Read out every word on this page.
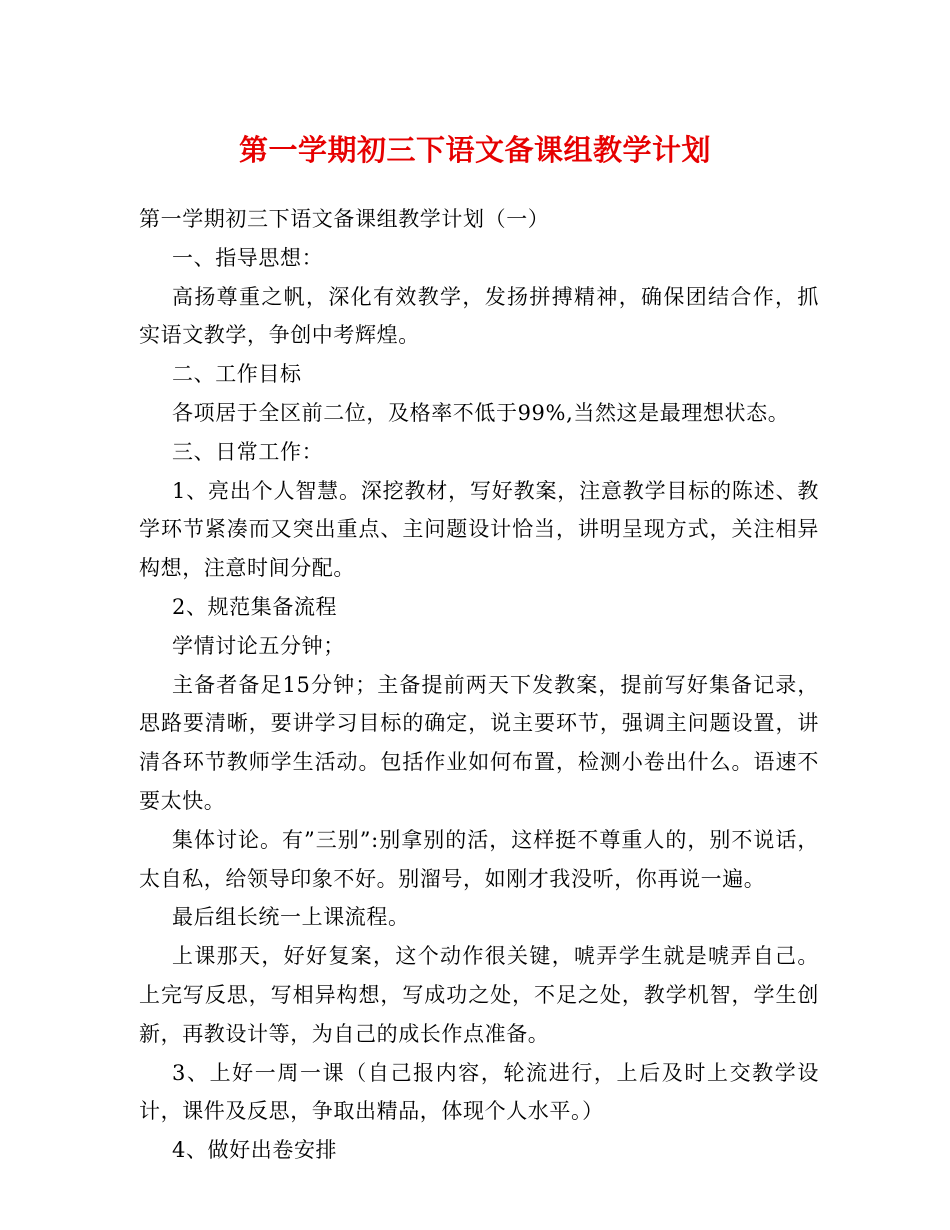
第一学期初三下语文备课组教学计划

第一学期初三下语文备课组教学计划（一）

一、指导思想：

高扬尊重之帆，深化有效教学，发扬拼搏精神，确保团结合作，抓实语文教学，争创中考辉煌。

二、工作目标

各项居于全区前二位，及格率不低于99%,当然这是最理想状态。

三、日常工作：

1、亮出个人智慧。深挖教材，写好教案，注意教学目标的陈述、教学环节紧凑而又突出重点、主问题设计恰当，讲明呈现方式，关注相异构想，注意时间分配。

2、规范集备流程

学情讨论五分钟；

主备者备足15分钟；主备提前两天下发教案，提前写好集备记录，思路要清晰，要讲学习目标的确定，说主要环节，强调主问题设置，讲清各环节教师学生活动。包括作业如何布置，检测小卷出什么。语速不要太快。

集体讨论。有”三别”:别拿别的活，这样挺不尊重人的，别不说话，太自私，给领导印象不好。别溜号，如刚才我没听，你再说一遍。

最后组长统一上课流程。

上课那天，好好复案，这个动作很关键，唬弄学生就是唬弄自己。上完写反思，写相异构想，写成功之处，不足之处，教学机智，学生创新，再教设计等，为自己的成长作点准备。

3、上好一周一课（自己报内容，轮流进行，上后及时上交教学设计，课件及反思，争取出精品，体现个人水平。）

4、做好出卷安排
